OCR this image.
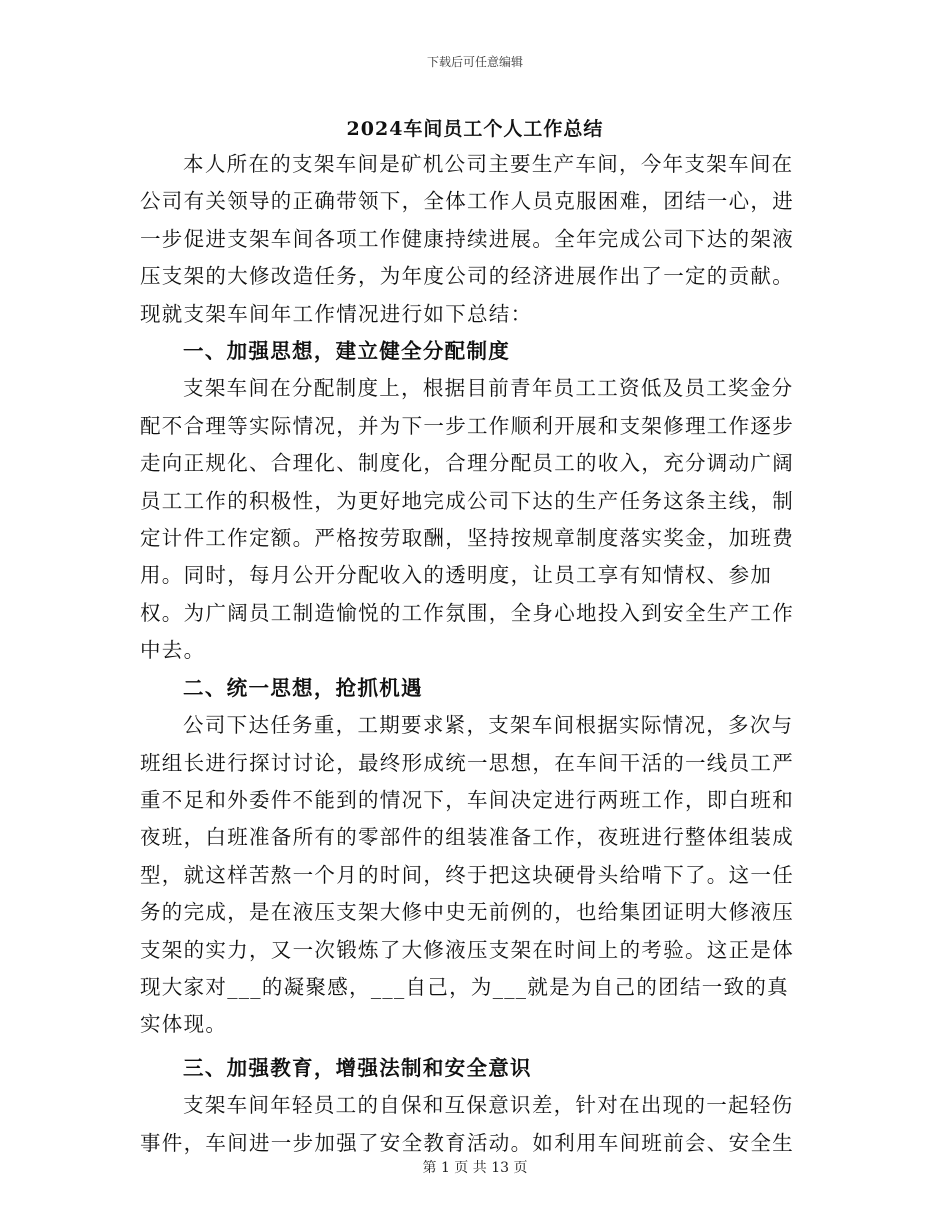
下载后可任意编辑
2024车间员工个人工作总结

本人所在的支架车间是矿机公司主要生产车间，今年支架车间在公司有关领导的正确带领下，全体工作人员克服困难，团结一心，进一步促进支架车间各项工作健康持续进展。全年完成公司下达的架液压支架的大修改造任务，为年度公司的经济进展作出了一定的贡献。现就支架车间年工作情况进行如下总结：

一、加强思想，建立健全分配制度

支架车间在分配制度上，根据目前青年员工工资低及员工奖金分配不合理等实际情况，并为下一步工作顺利开展和支架修理工作逐步走向正规化、合理化、制度化，合理分配员工的收入，充分调动广阔员工工作的积极性，为更好地完成公司下达的生产任务这条主线，制定计件工作定额。严格按劳取酬，坚持按规章制度落实奖金，加班费用。同时，每月公开分配收入的透明度，让员工享有知情权、参加权。为广阔员工制造愉悦的工作氛围，全身心地投入到安全生产工作中去。

二、统一思想，抢抓机遇

公司下达任务重，工期要求紧，支架车间根据实际情况，多次与班组长进行探讨讨论，最终形成统一思想，在车间干活的一线员工严重不足和外委件不能到的情况下，车间决定进行两班工作，即白班和夜班，白班准备所有的零部件的组装准备工作，夜班进行整体组装成型，就这样苦熬一个月的时间，终于把这块硬骨头给啃下了。这一任务的完成，是在液压支架大修中史无前例的，也给集团证明大修液压支架的实力，又一次锻炼了大修液压支架在时间上的考验。这正是体现大家对___的凝聚感，___自己，为___就是为自己的团结一致的真实体现。

三、加强教育，增强法制和安全意识

支架车间年轻员工的自保和互保意识差，针对在出现的一起轻伤事件，车间进一步加强了安全教育活动。如利用车间班前会、安全生

第 1 页 共 13 页
